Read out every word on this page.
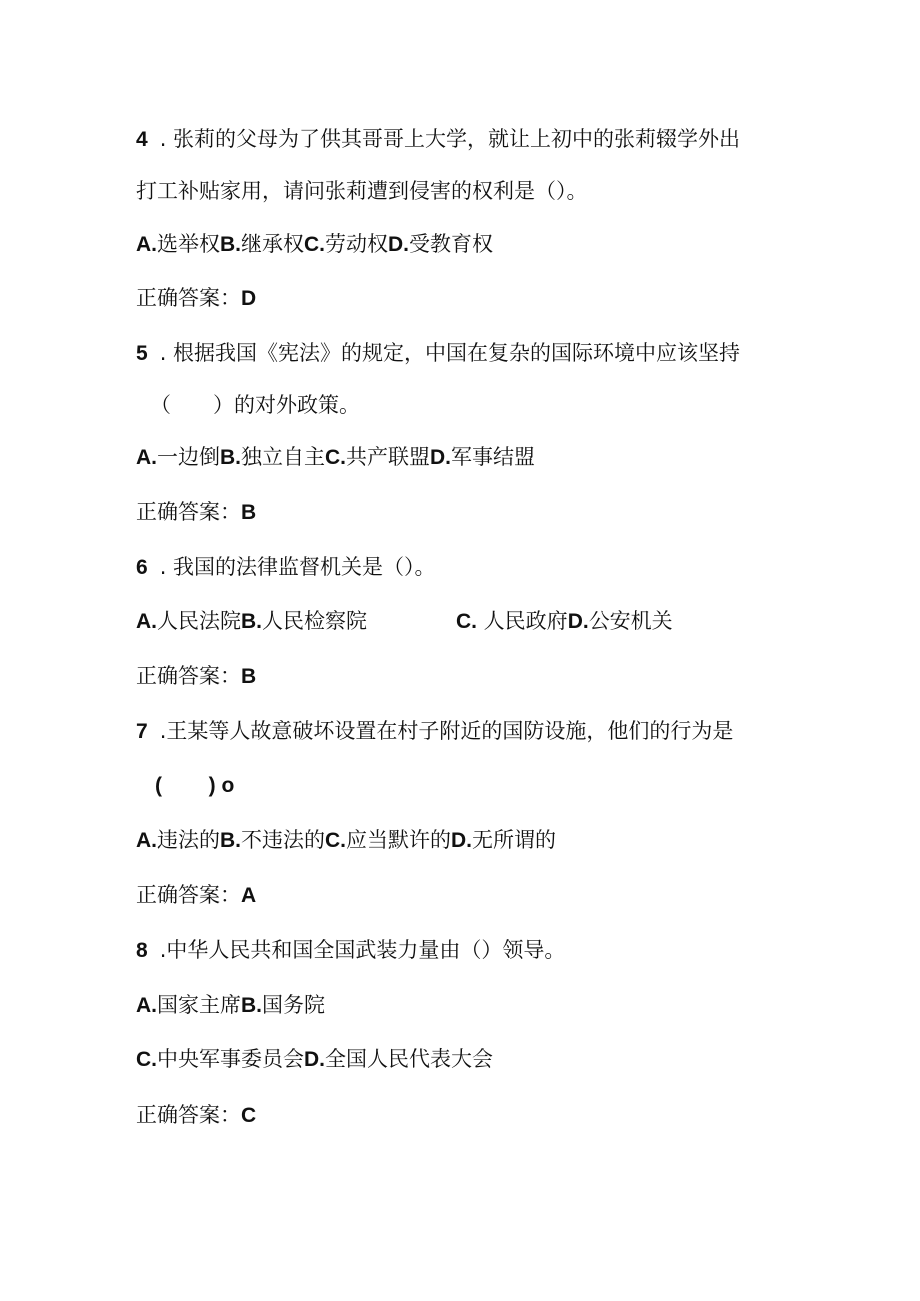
4 . 张莉的父母为了供其哥哥上大学，就让上初中的张莉辍学外出
打工补贴家用，请问张莉遭到侵害的权利是（）。
A.选举权B.继承权C.劳动权D.受教育权
正确答案：D
5 . 根据我国《宪法》的规定，中国在复杂的国际环境中应该坚持
（　　）的对外政策。
A.一边倒B.独立自主C.共产联盟D.军事结盟
正确答案：B
6 . 我国的法律监督机关是（）。
A.人民法院B.人民检察院	C. 人民政府D.公安机关
正确答案：B
7 .王某等人故意破坏设置在村子附近的国防设施，他们的行为是
(        ) o
A.违法的B.不违法的C.应当默许的D.无所谓的
正确答案：A
8 .中华人民共和国全国武装力量由（）领导。
A.国家主席B.国务院
C.中央军事委员会D.全国人民代表大会
正确答案：C
